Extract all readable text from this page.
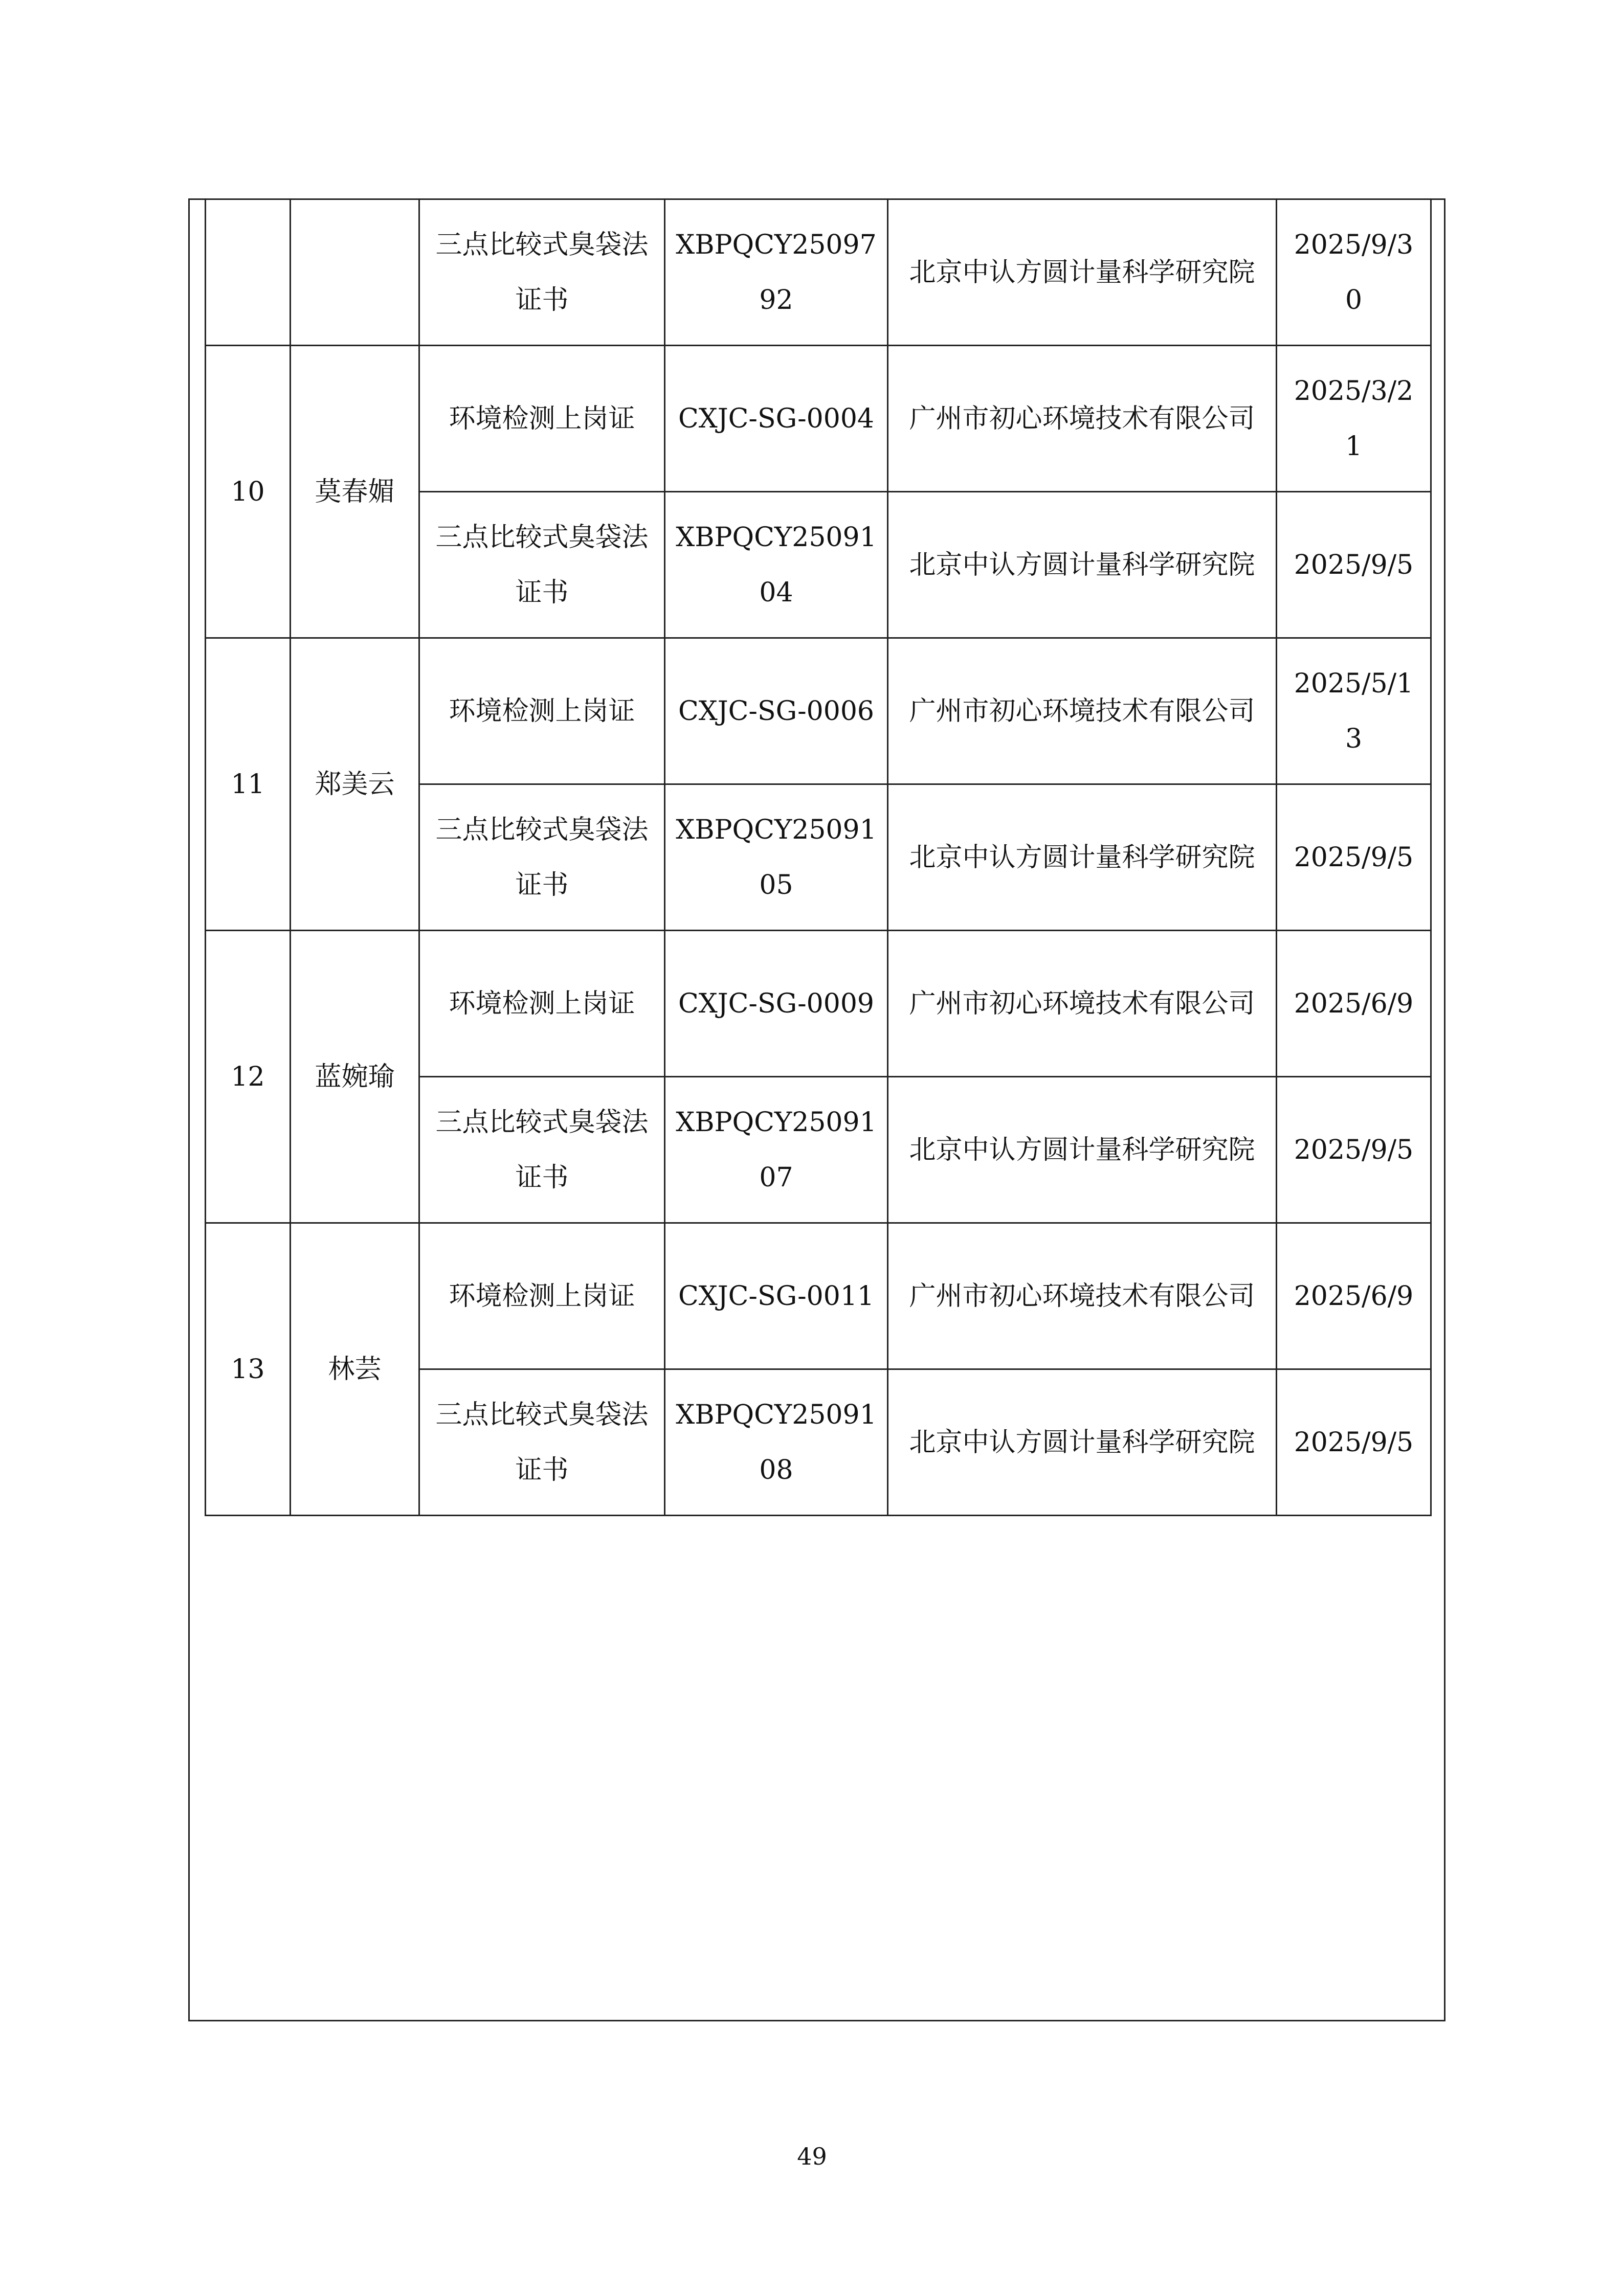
		三点比较式臭袋法证书	XBPQCY2509792	北京中认方圆计量科学研究院	2025/9/30
10	莫春媚	环境检测上岗证	CXJC-SG-0004	广州市初心环境技术有限公司	2025/3/21
		三点比较式臭袋法证书	XBPQCY2509104	北京中认方圆计量科学研究院	2025/9/5
11	郑美云	环境检测上岗证	CXJC-SG-0006	广州市初心环境技术有限公司	2025/5/13
		三点比较式臭袋法证书	XBPQCY2509105	北京中认方圆计量科学研究院	2025/9/5
12	蓝婉瑜	环境检测上岗证	CXJC-SG-0009	广州市初心环境技术有限公司	2025/6/9
		三点比较式臭袋法证书	XBPQCY2509107	北京中认方圆计量科学研究院	2025/9/5
13	林芸	环境检测上岗证	CXJC-SG-0011	广州市初心环境技术有限公司	2025/6/9
		三点比较式臭袋法证书	XBPQCY2509108	北京中认方圆计量科学研究院	2025/9/5
49
